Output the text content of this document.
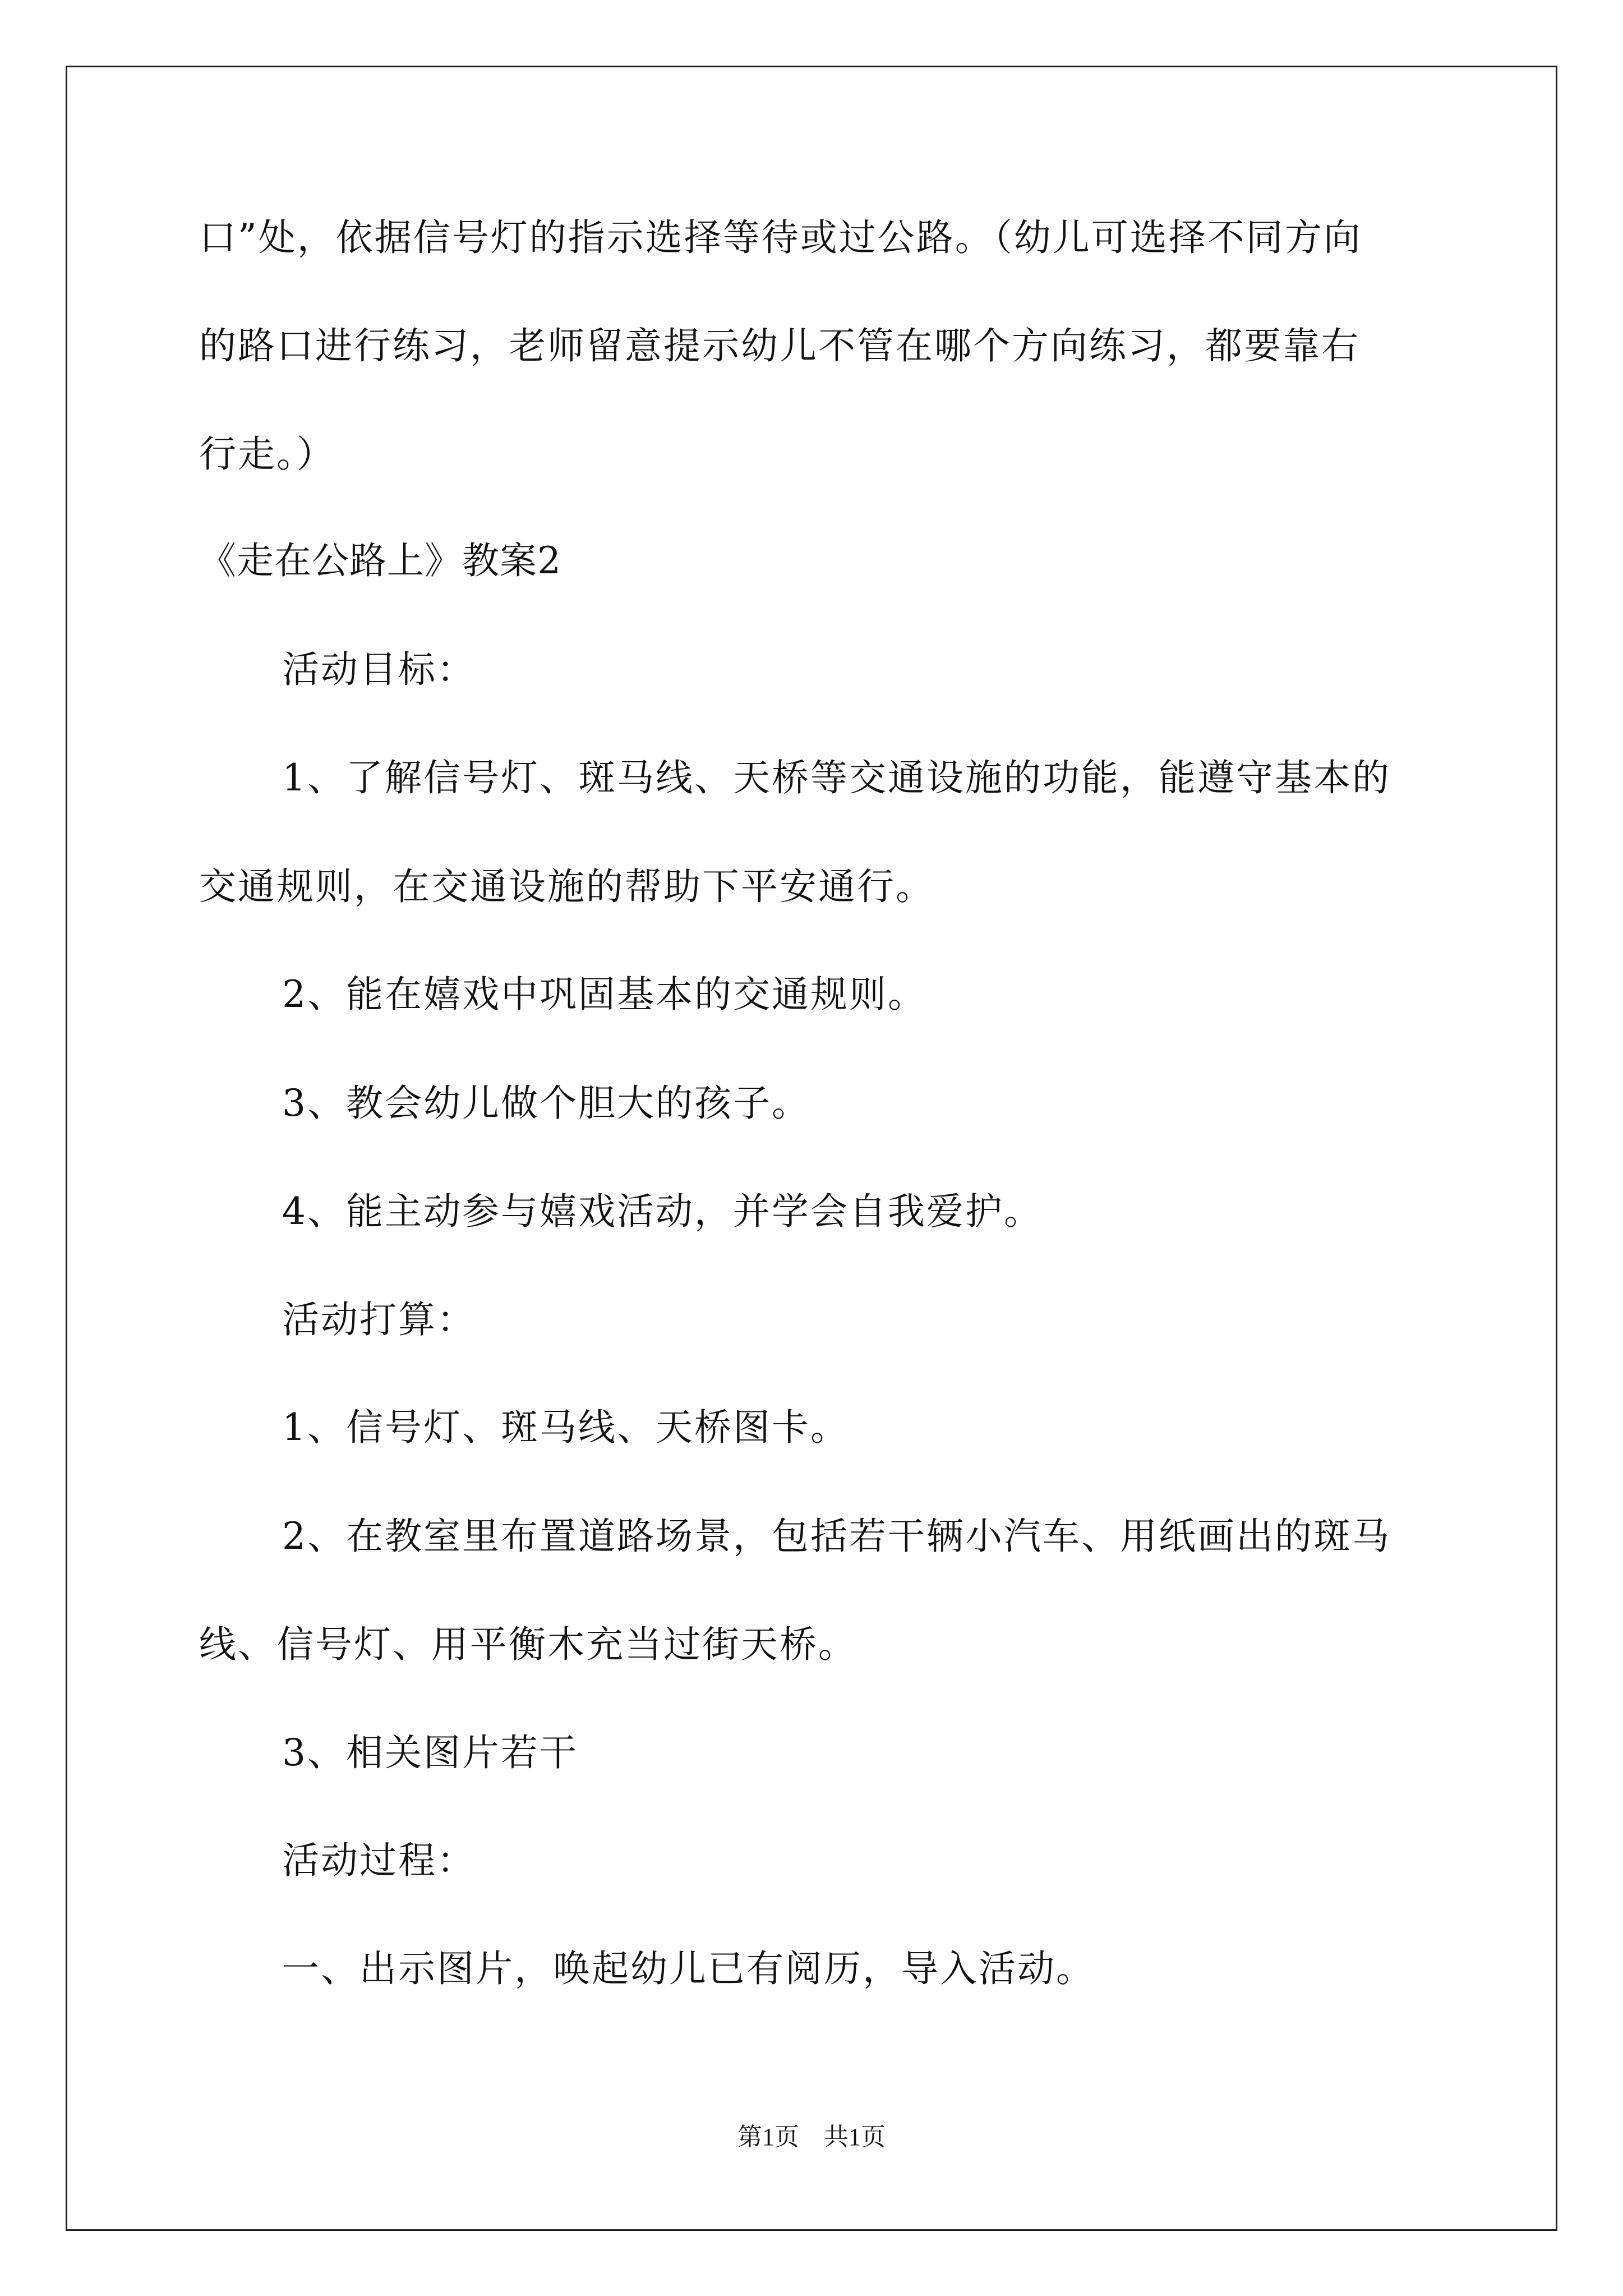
口”处，依据信号灯的指示选择等待或过公路。（幼儿可选择不同方向

的路口进行练习，老师留意提示幼儿不管在哪个方向练习，都要靠右

行走。）

《走在公路上》教案2

活动目标：

1、了解信号灯、斑马线、天桥等交通设施的功能，能遵守基本的

交通规则，在交通设施的帮助下平安通行。

2、能在嬉戏中巩固基本的交通规则。

3、教会幼儿做个胆大的孩子。

4、能主动参与嬉戏活动，并学会自我爱护。

活动打算：

1、信号灯、斑马线、天桥图卡。

2、在教室里布置道路场景，包括若干辆小汽车、用纸画出的斑马

线、信号灯、用平衡木充当过街天桥。

3、相关图片若干

活动过程：

一、出示图片，唤起幼儿已有阅历，导入活动。

第1页　共1页
